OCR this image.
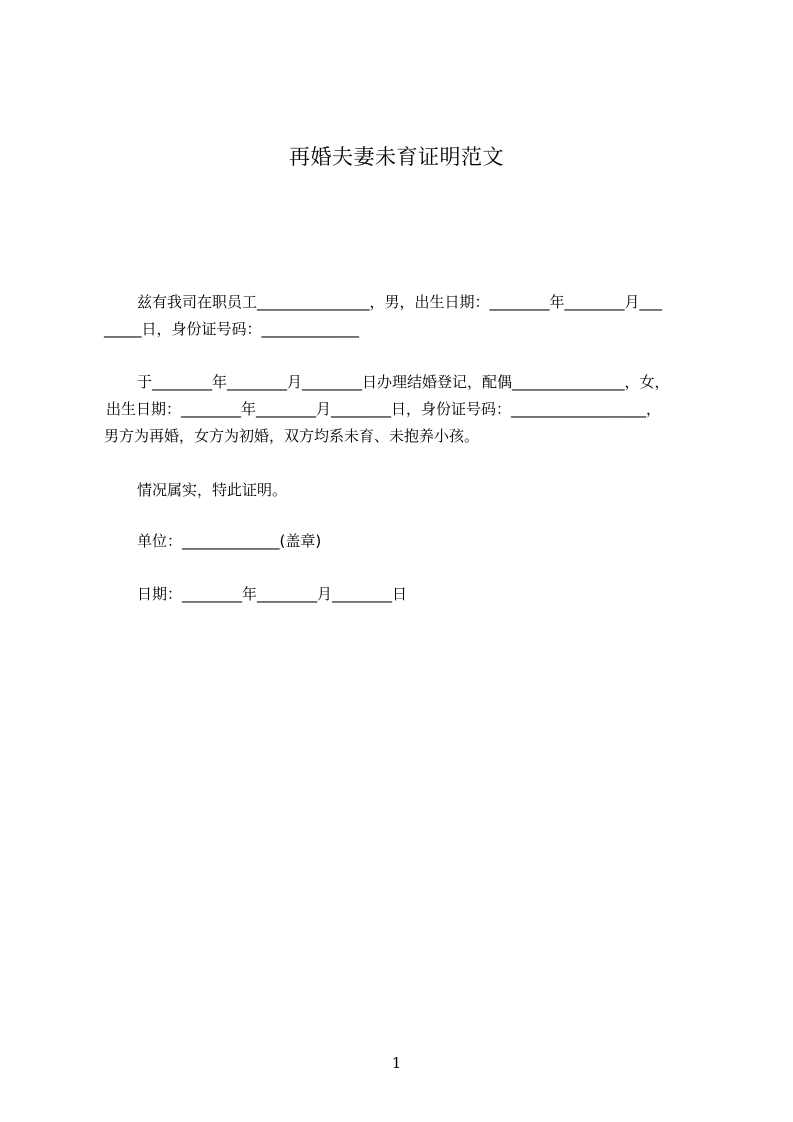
再婚夫妻未育证明范文
兹有我司在职员工_______________，男，出生日期：________年________月___
_____日，身份证号码：_____________
于________年________月________日办理结婚登记，配偶_______________，女，
出生日期：________年________月________日，身份证号码：__________________，
男方为再婚，女方为初婚，双方均系未育、未抱养小孩。
情况属实，特此证明。
单位：_____________(盖章)
日期：________年________月________日
1
